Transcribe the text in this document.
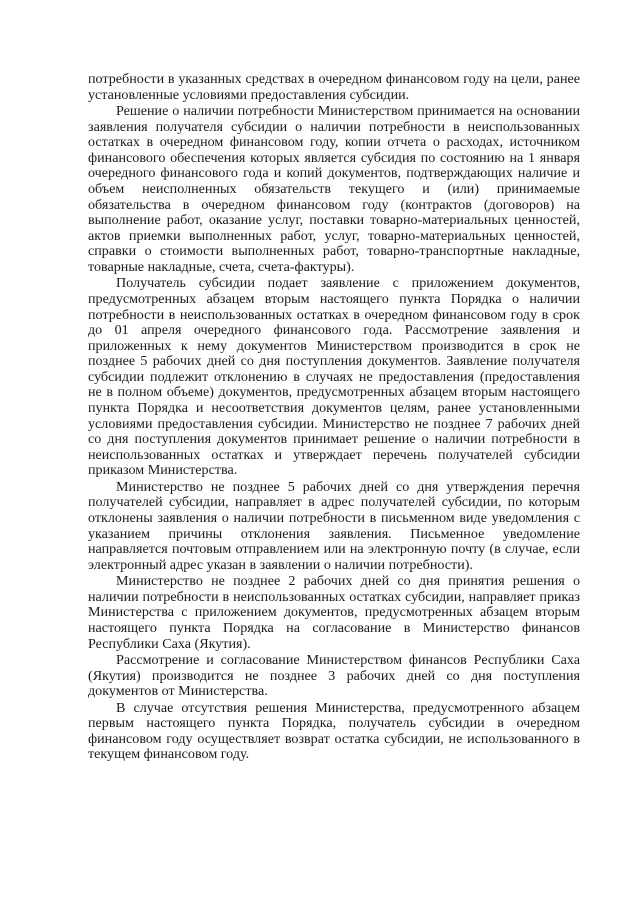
потребности в указанных средствах в очередном финансовом году на цели, ранее установленные условиями предоставления субсидии.

Решение о наличии потребности Министерством принимается на основании заявления получателя субсидии о наличии потребности в неиспользованных остатках в очередном финансовом году, копии отчета о расходах, источником финансового обеспечения которых является субсидия по состоянию на 1 января очередного финансового года и копий документов, подтверждающих наличие и объем неисполненных обязательств текущего и (или) принимаемые обязательства в очередном финансовом году (контрактов (договоров) на выполнение работ, оказание услуг, поставки товарно-материальных ценностей, актов приемки выполненных работ, услуг, товарно-материальных ценностей, справки о стоимости выполненных работ, товарно-транспортные накладные, товарные накладные, счета, счета-фактуры).

Получатель субсидии подает заявление с приложением документов, предусмотренных абзацем вторым настоящего пункта Порядка о наличии потребности в неиспользованных остатках в очередном финансовом году в срок до 01 апреля очередного финансового года. Рассмотрение заявления и приложенных к нему документов Министерством производится в срок не позднее 5 рабочих дней со дня поступления документов. Заявление получателя субсидии подлежит отклонению в случаях не предоставления (предоставления не в полном объеме) документов, предусмотренных абзацем вторым настоящего пункта Порядка и несоответствия документов целям, ранее установленными условиями предоставления субсидии. Министерство не позднее 7 рабочих дней со дня поступления документов принимает решение о наличии потребности в неиспользованных остатках и утверждает перечень получателей субсидии приказом Министерства.

Министерство не позднее 5 рабочих дней со дня утверждения перечня получателей субсидии, направляет в адрес получателей субсидии, по которым отклонены заявления о наличии потребности в письменном виде уведомления с указанием причины отклонения заявления. Письменное уведомление направляется почтовым отправлением или на электронную почту (в случае, если электронный адрес указан в заявлении о наличии потребности).

Министерство не позднее 2 рабочих дней со дня принятия решения о наличии потребности в неиспользованных остатках субсидии, направляет приказ Министерства с приложением документов, предусмотренных абзацем вторым настоящего пункта Порядка на согласование в Министерство финансов Республики Саха (Якутия).

Рассмотрение и согласование Министерством финансов Республики Саха (Якутия) производится не позднее 3 рабочих дней со дня поступления документов от Министерства.

В случае отсутствия решения Министерства, предусмотренного абзацем первым настоящего пункта Порядка, получатель субсидии в очередном финансовом году осуществляет возврат остатка субсидии, не использованного в текущем финансовом году.
